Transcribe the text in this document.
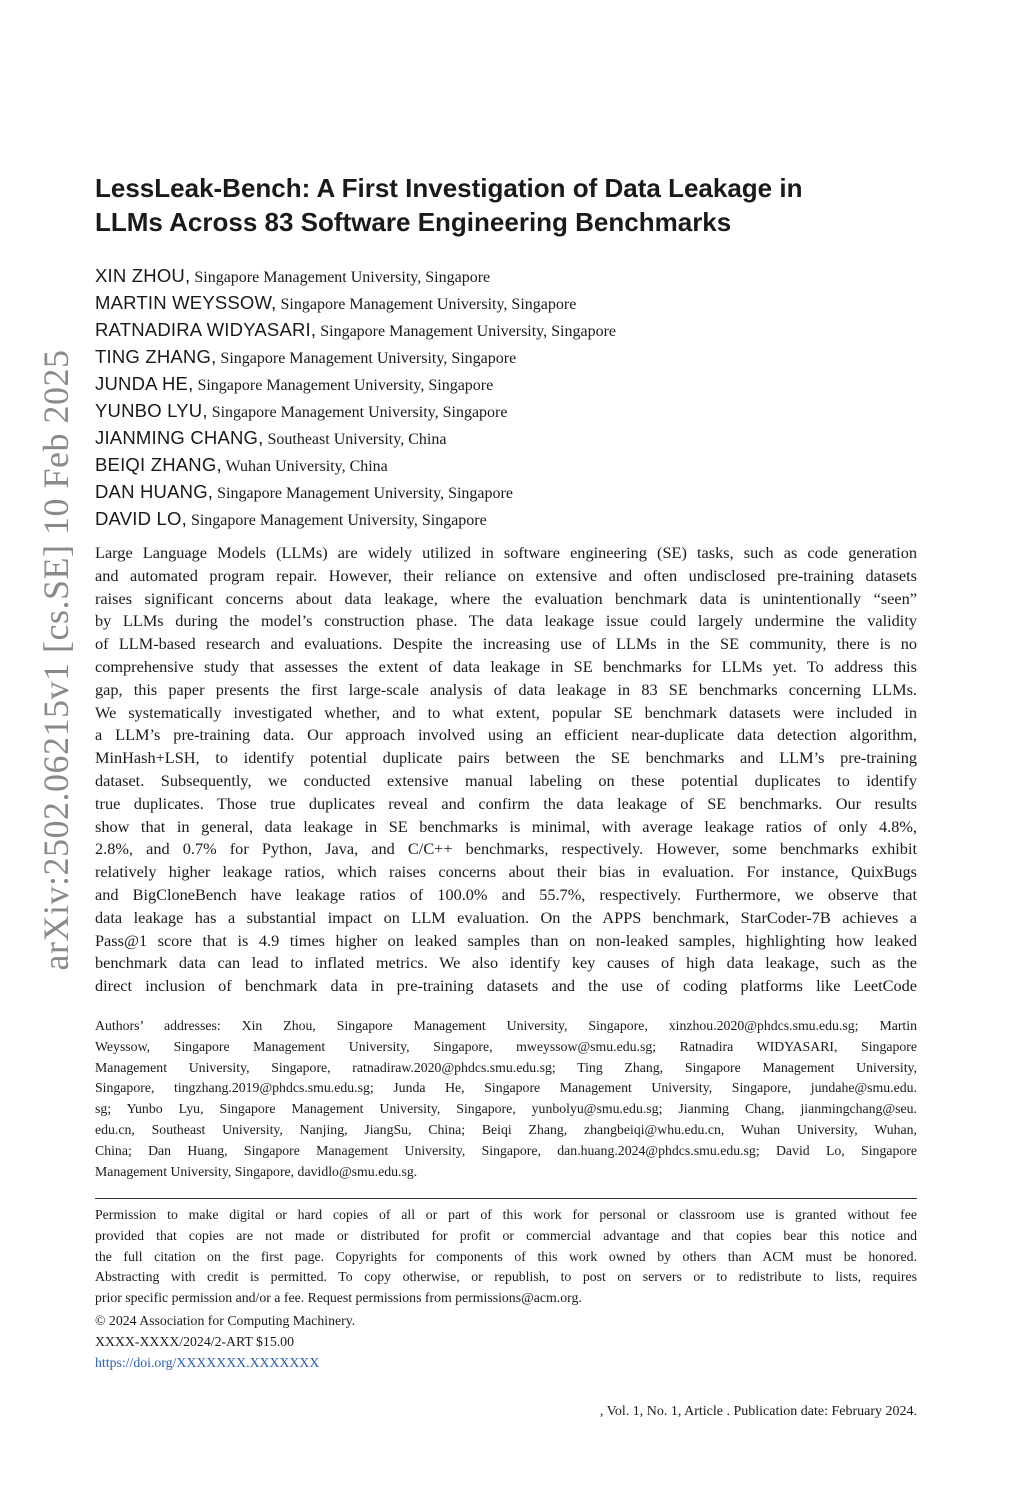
arXiv:2502.06215v1 [cs.SE] 10 Feb 2025
LessLeak-Bench: A First Investigation of Data Leakage in
LLMs Across 83 Software Engineering Benchmarks
XIN ZHOU, Singapore Management University, Singapore
MARTIN WEYSSOW, Singapore Management University, Singapore
RATNADIRA WIDYASARI, Singapore Management University, Singapore
TING ZHANG, Singapore Management University, Singapore
JUNDA HE, Singapore Management University, Singapore
YUNBO LYU, Singapore Management University, Singapore
JIANMING CHANG, Southeast University, China
BEIQI ZHANG, Wuhan University, China
DAN HUANG, Singapore Management University, Singapore
DAVID LO, Singapore Management University, Singapore
Large Language Models (LLMs) are widely utilized in software engineering (SE) tasks, such as code generation
and automated program repair. However, their reliance on extensive and often undisclosed pre-training datasets
raises significant concerns about data leakage, where the evaluation benchmark data is unintentionally “seen”
by LLMs during the model’s construction phase. The data leakage issue could largely undermine the validity
of LLM-based research and evaluations. Despite the increasing use of LLMs in the SE community, there is no
comprehensive study that assesses the extent of data leakage in SE benchmarks for LLMs yet. To address this
gap, this paper presents the first large-scale analysis of data leakage in 83 SE benchmarks concerning LLMs.
We systematically investigated whether, and to what extent, popular SE benchmark datasets were included in
a LLM’s pre-training data. Our approach involved using an efficient near-duplicate data detection algorithm,
MinHash+LSH, to identify potential duplicate pairs between the SE benchmarks and LLM’s pre-training
dataset. Subsequently, we conducted extensive manual labeling on these potential duplicates to identify
true duplicates. Those true duplicates reveal and confirm the data leakage of SE benchmarks. Our results
show that in general, data leakage in SE benchmarks is minimal, with average leakage ratios of only 4.8%,
2.8%, and 0.7% for Python, Java, and C/C++ benchmarks, respectively. However, some benchmarks exhibit
relatively higher leakage ratios, which raises concerns about their bias in evaluation. For instance, QuixBugs
and BigCloneBench have leakage ratios of 100.0% and 55.7%, respectively. Furthermore, we observe that
data leakage has a substantial impact on LLM evaluation. On the APPS benchmark, StarCoder-7B achieves a
Pass@1 score that is 4.9 times higher on leaked samples than on non-leaked samples, highlighting how leaked
benchmark data can lead to inflated metrics. We also identify key causes of high data leakage, such as the
direct inclusion of benchmark data in pre-training datasets and the use of coding platforms like LeetCode
Authors’ addresses: Xin Zhou, Singapore Management University, Singapore, xinzhou.2020@phdcs.smu.edu.sg; Martin
Weyssow, Singapore Management University, Singapore, mweyssow@smu.edu.sg; Ratnadira WIDYASARI, Singapore
Management University, Singapore, ratnadiraw.2020@phdcs.smu.edu.sg; Ting Zhang, Singapore Management University,
Singapore, tingzhang.2019@phdcs.smu.edu.sg; Junda He, Singapore Management University, Singapore, jundahe@smu.edu.
sg; Yunbo Lyu, Singapore Management University, Singapore, yunbolyu@smu.edu.sg; Jianming Chang, jianmingchang@seu.
edu.cn, Southeast University, Nanjing, JiangSu, China; Beiqi Zhang, zhangbeiqi@whu.edu.cn, Wuhan University, Wuhan,
China; Dan Huang, Singapore Management University, Singapore, dan.huang.2024@phdcs.smu.edu.sg; David Lo, Singapore
Management University, Singapore, davidlo@smu.edu.sg.
Permission to make digital or hard copies of all or part of this work for personal or classroom use is granted without fee
provided that copies are not made or distributed for profit or commercial advantage and that copies bear this notice and
the full citation on the first page. Copyrights for components of this work owned by others than ACM must be honored.
Abstracting with credit is permitted. To copy otherwise, or republish, to post on servers or to redistribute to lists, requires
prior specific permission and/or a fee. Request permissions from permissions@acm.org.
© 2024 Association for Computing Machinery.
XXXX-XXXX/2024/2-ART $15.00
https://doi.org/XXXXXXX.XXXXXXX
, Vol. 1, No. 1, Article . Publication date: February 2024.
